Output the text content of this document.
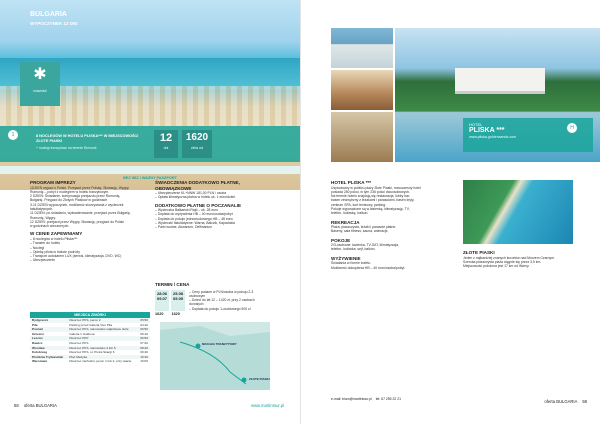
BULGARIA
WYPOCZYNEK 12 DNI
✱
nowość
1	8 NOCLEGÓW W HOTELU PLISKA*** W MIEJSCOWOŚCI ZŁOTE PIASKI
+ noclegi tranzytowe na terenie Rumunii
12
dni
1620
zł/os od
BEZ WIZ I WAŻNY PASZPORT
PROGRAM IMPREZY
1DZIEŃ wyjazd z Polski. Przejazd przez Polskę, Słowację, Węgry,
Rumunię – pobyt z noclegiem w hotelu tranzytowym.
2 DZIEŃ: Śniadanie, kontynuacja przejazdu przez Rumunię,
Bułgarię. Przyjazd do Złotych Piasków w godzinach
3-11 DZIEŃ wypoczynek, możliwość skorzystania z wycieczek
fakultatywnych.
11 DZIEŃ: po śniadaniu, wykwaterowanie, przejazd przez Bułgarię,
Rumunię, Węgry.
12 DZIEŃ: przejazd przez Węgry, Słowację, przyjazd do Polski
w godzinach wieczornych.
W CENIE ZAPEWNIAMY
– 8 noclegów w hotelu Pliska***
– Transfer do hotelu
– Noclegi
– Opiekę pilota w trakcie podróży
– Transport autokarem LUX (serwis, klimatyzacja, DVD, WC)
– Ubezpieczenie
MIEJSCA ZBIÓRKI
Bydgoszcz	Dworzec PKS, peron 2	05:50
Piła	Parking przed Galerią Vivo Piła	04:10
Poznań	Dworzec PKS, stanowisko odjazdowe duże	06:50
Gniezno	Galeria 1 Guldena	06:10
Leszno	Dworzec PKP	06:50
Rawicz	Dworzec PKS	07:20
Wrocław	Dworzec PKS, stanowisko 4 lub 5	08:40
Kołobrzeg	Dworzec PKS, ul. Piotra Skargi 6	09:40
Piotrków Trybunalski	Plac Medyka	10:40
Warszawa	Dworzec zachodni, peron 1 lub 2, przy wiacie	16:00
ŚWIADCZENIA DODATKOWO PŁATNE, OBOWIĄZKOWE
– Ubezpieczenie KL+NNW 181,00 PLN / osoba
– Opłata klimatyczna płatna w hotelu ok. 1 euro/dzień
DODATKOWO PŁATNE O POCZANALIE
– Wycieczka Bałkański Rajd – ok. 28 euro
– Dopłata do wyżywienia HB – 40 euro/osoba/pobyt
– Dopłata do pokoju jednoosobowego HB – 48 euro
– Wycieczki fakultatywne: Warna, Bałczik, Kapadokia
– Parki wodne, Akwarium, Delfinarium
TERMIN / CENA
28.06
09.07
25.08
05.09
– Ceny podane w PLN/osoba w pokoju 2-3 osobowym
– Dzieci do lat 12 – 1420 zł, przy 2 osobach dorosłych
– Dopłata do pokoju 1-osobowego 500 zł
1620 1620
NOCLEG TRANZYTOWY
ZŁOTE PIASKI
58 oferta BULGARIA	www.martintour.pl
HOTEL
PLISKA ***
www.pliska-goldensands.com
H
HOTEL PLISKA ***
Usytuowany w pobliżu plaży Złote Piaski, nowoczesny hotel
posiada 250 pokoi, w tym 236 pokoi dwuosobowych.
Na terenie hotelu znajdują się restauracja, lobby bar,
basen zewnętrzny z leżakami i parasolami, basen kryty,
centrum SPA, kort tenisowy, parking.
Pokoje wyposażone są w łazienkę, klimatyzację, TV,
telefon, lodówkę, balkon.
REKREACJA
Plaża: piaszczysta, leżaki i parasole płatne.
Baseny, sala fitness, sauna, animacje.
POKOJE
2/3-osobowe: łazienka, TV-SAT, klimatyzacja,
telefon, lodówka, sejf, balkon.
WYŻYWIENIE
Śniadania w formie bufetu.
Możliwość dokupienia HB – 40 euro/osoba/pobyt.
ZŁOTE PIASKI
Jeden z najbardziej znanych kurortów nad Morzem Czarnym.
Szeroka piaszczysta plaża ciągnie się przez 3,5 km.
Miejscowość położona jest 17 km od Warny.
e-mail: biuro@martintour.pl tel: 67 255 22 21	oferta BULGARIA 59
